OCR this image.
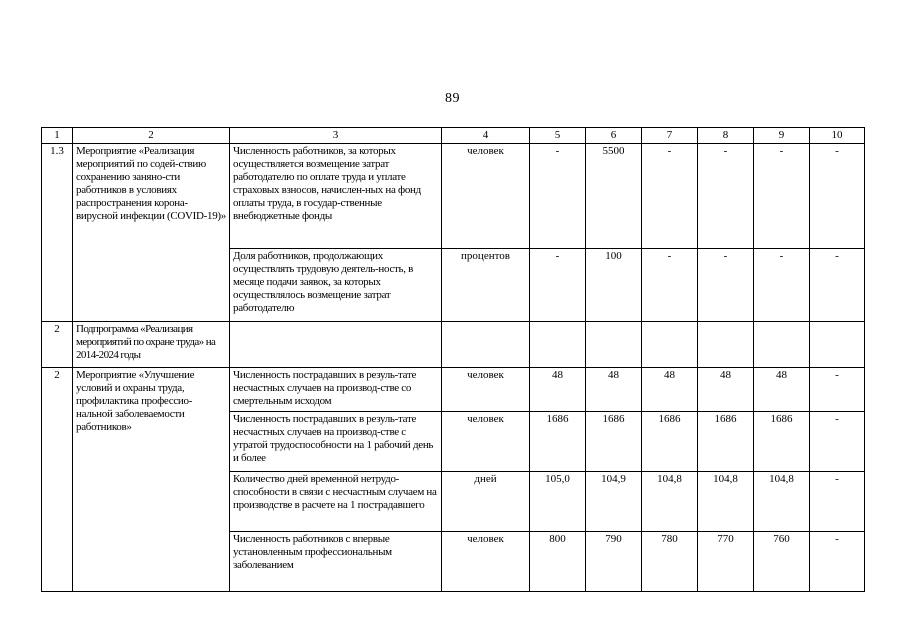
89
1	2	3	4	5	6	7	8	9	10
1.3	Мероприятие «Реализация мероприятий по содей-ствию сохранению заняно-сти работников в условиях распространения корона-вирусной инфекции (COVID-19)»	Численность работников, за которых осуществляется возмещение затрат работодателю по оплате труда и уплате страховых взносов, начислен-ных на фонд оплаты труда, в государ-ственные внебюджетные фонды	человек	-	5500	-	-	-	-
		Доля работников, продолжающих осуществлять трудовую деятель-ность, в месяце подачи заявок, за которых осуществлялось возмещение затрат работодателю	процентов	-	100	-	-	-	-
2	Подпрограмма «Реализация мероприятий по охране труда» на 2014-2024 годы								
2	Мероприятие «Улучшение условий и охраны труда, профилактика профессио-нальной заболеваемости работников»	Численность пострадавших в резуль-тате несчастных случаев на производ-стве со смертельным исходом	человек	48	48	48	48	48	-
		Численность пострадавших в резуль-тате несчастных случаев на производ-стве с утратой трудоспособности на 1 рабочий день и более	человек	1686	1686	1686	1686	1686	-
		Количество дней временной нетрудо-способности в связи с несчастным случаем на производстве в расчете на 1 пострадавшего	дней	105,0	104,9	104,8	104,8	104,8	-
		Численность работников с впервые установленным профессиональным заболеванием	человек	800	790	780	770	760	-
